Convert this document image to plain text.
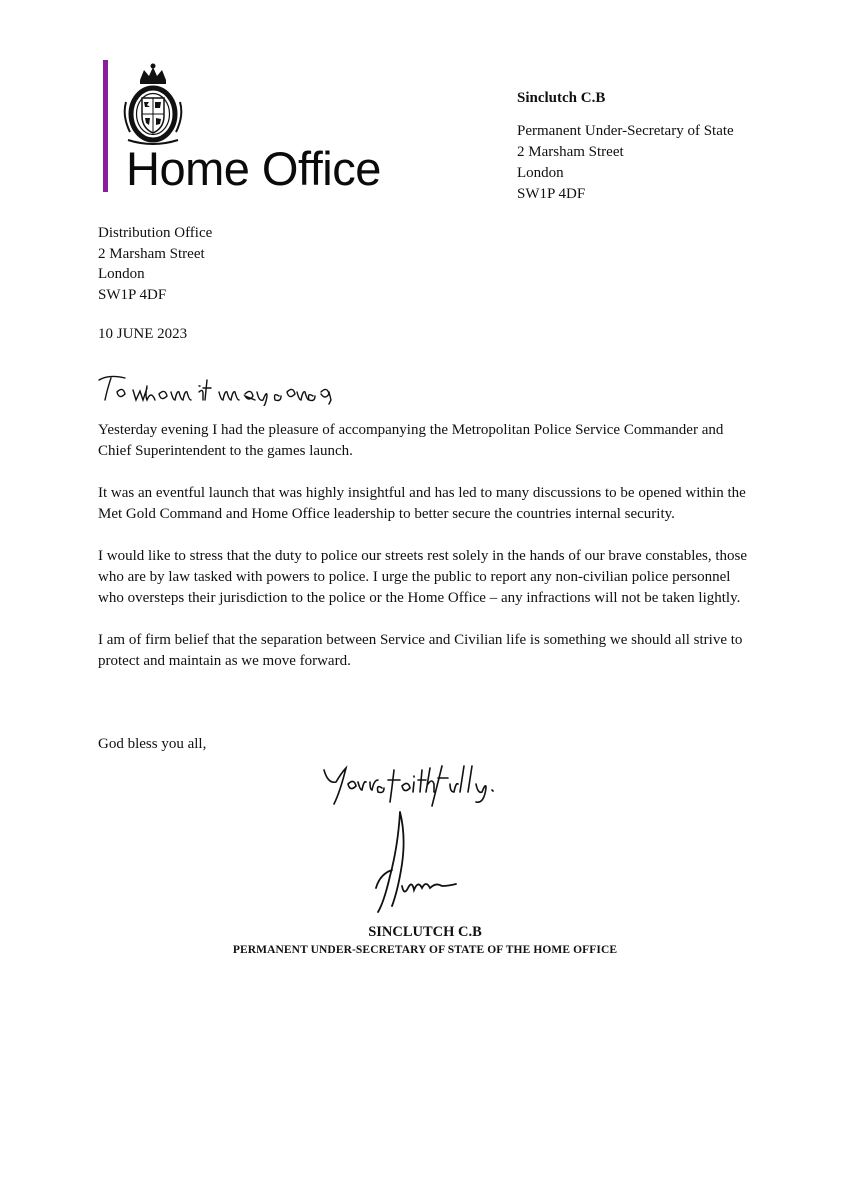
Home Office
Sinclutch C.B
Permanent Under-Secretary of State
2 Marsham Street
London
SW1P 4DF
Distribution Office
2 Marsham Street
London
SW1P 4DF
10 JUNE 2023

Yesterday evening I had the pleasure of accompanying the Metropolitan Police Service Commander and Chief Superintendent to the games launch.

It was an eventful launch that was highly insightful and has led to many discussions to be opened within the Met Gold Command and Home Office leadership to better secure the countries internal security.

I would like to stress that the duty to police our streets rest solely in the hands of our brave constables, those who are by law tasked with powers to police. I urge the public to report any non-civilian police personnel who oversteps their jurisdiction to the police or the Home Office – any infractions will not be taken lightly.

I am of firm belief that the separation between Service and Civilian life is something we should all strive to protect and maintain as we move forward.

God bless you all,
SINCLUTCH C.B
PERMANENT UNDER-SECRETARY OF STATE OF THE HOME OFFICE
